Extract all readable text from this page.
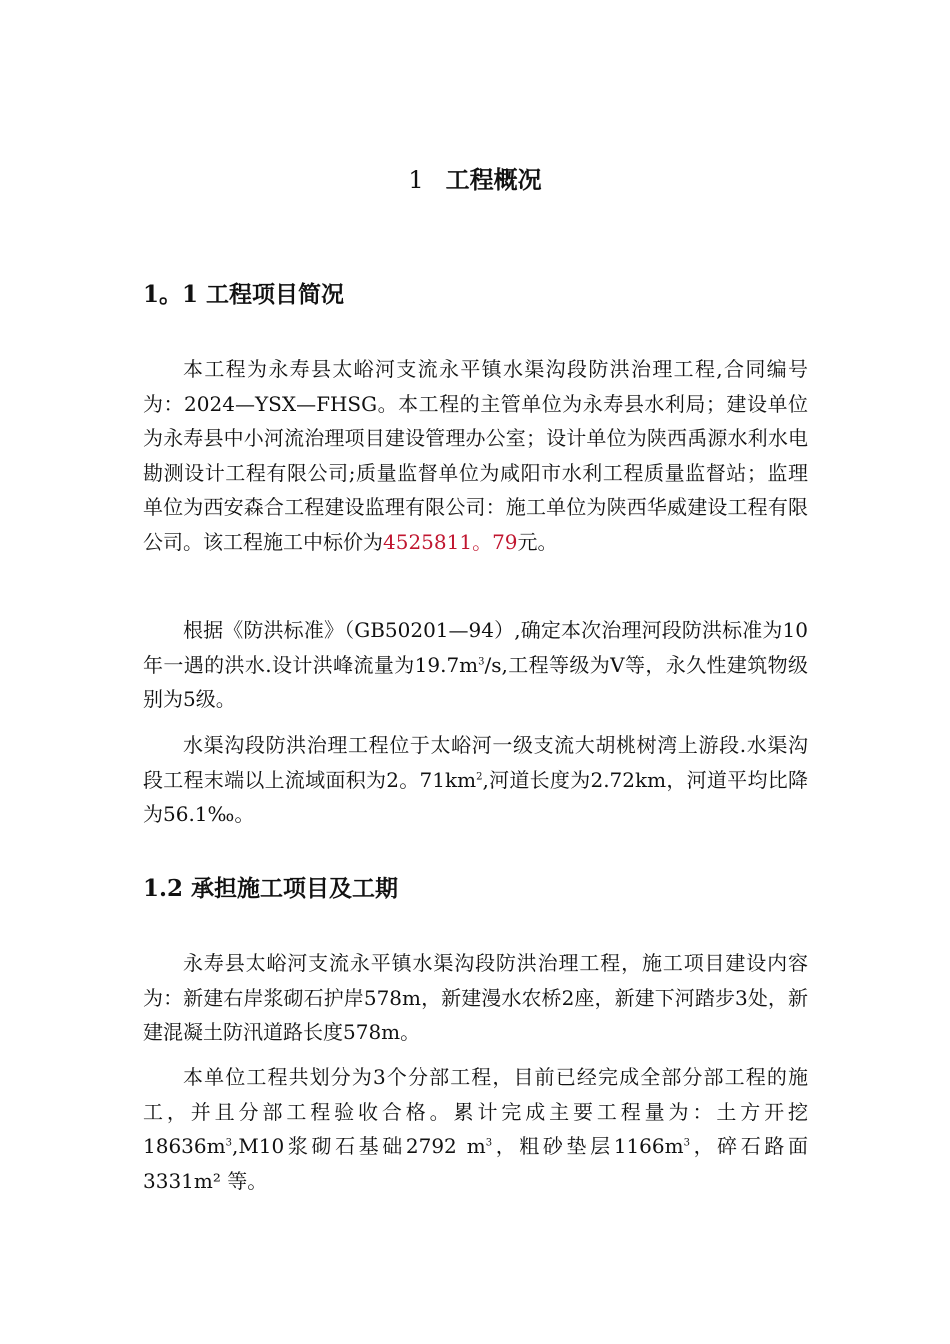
1 工程概况
1。1 工程项目简况

本工程为永寿县太峪河支流永平镇水渠沟段防洪治理工程,合同编号为：2024—YSX—FHSG。本工程的主管单位为永寿县水利局；建设单位为永寿县中小河流治理项目建设管理办公室；设计单位为陕西禹源水利水电勘测设计工程有限公司;质量监督单位为咸阳市水利工程质量监督站；监理单位为西安森合工程建设监理有限公司：施工单位为陕西华威建设工程有限公司。该工程施工中标价为4525811。79元。

根据《防洪标准》（GB50201—94）,确定本次治理河段防洪标准为10年一遇的洪水.设计洪峰流量为$19.7m^3/s$,工程等级为Ⅴ等，永久性建筑物级别为5级。

水渠沟段防洪治理工程位于太峪河一级支流大胡桃树湾上游段.水渠沟段工程末端以上流域面积为2。$71km^2$,河道长度为2.72km，河道平均比降为56.1‰。

1.2 承担施工项目及工期

永寿县太峪河支流永平镇水渠沟段防洪治理工程，施工项目建设内容为：新建右岸浆砌石护岸578m，新建漫水农桥2座，新建下河踏步3处，新建混凝土防汛道路长度578m。

本单位工程共划分为3个分部工程，目前已经完成全部分部工程的施工，并且分部工程验收合格。累计完成主要工程量为：土方开挖$18636m^3,M10$浆砌石基础2792 $m^3$，粗砂垫层$1166m^3$，碎石路面3331m² 等。
